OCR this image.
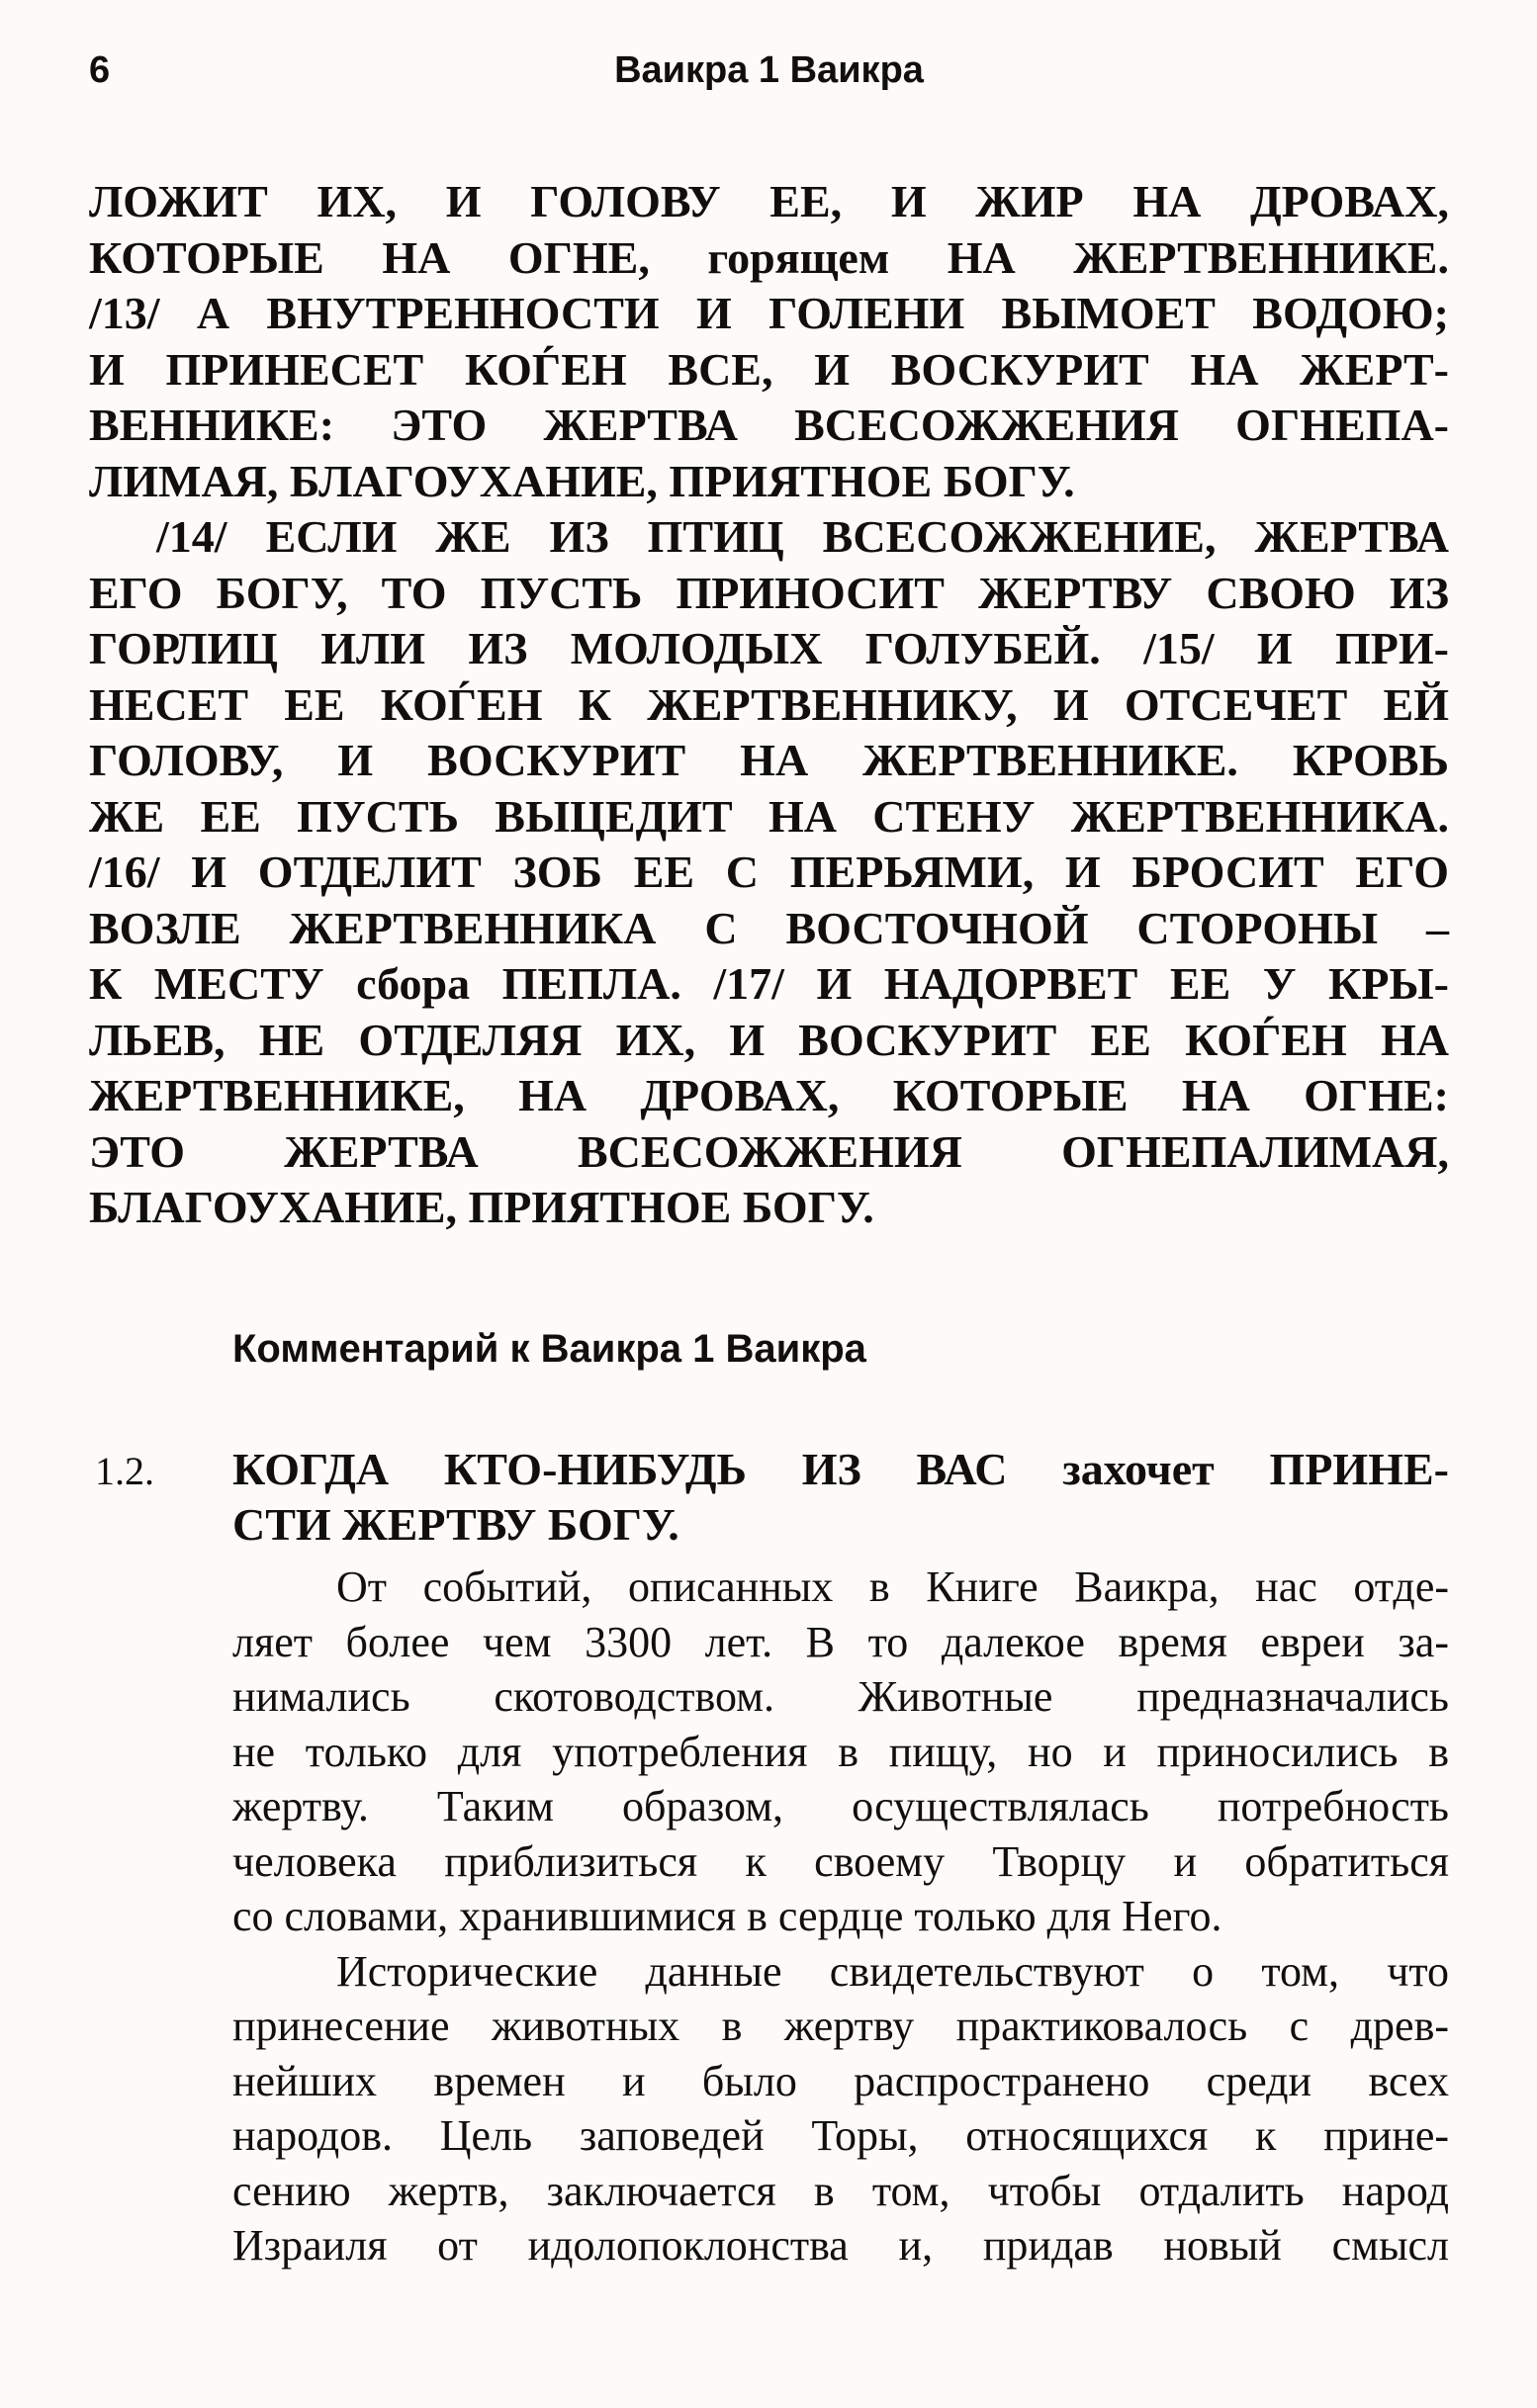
6	Ваикра 1 Ваикра
ЛОЖИТ ИХ, И ГОЛОВУ ЕЕ, И ЖИР НА ДРОВАХ,
КОТОРЫЕ НА ОГНЕ, горящем НА ЖЕРТВЕННИКЕ.
/13/ А ВНУТРЕННОСТИ И ГОЛЕНИ ВЫМОЕТ ВОДОЮ;
И ПРИНЕСЕТ КОЃЕН ВСЕ, И ВОСКУРИТ НА ЖЕРТ-
ВЕННИКЕ: ЭТО ЖЕРТВА ВСЕСОЖЖЕНИЯ ОГНЕПА-
ЛИМАЯ, БЛАГОУХАНИЕ, ПРИЯТНОЕ БОГУ.
/14/ ЕСЛИ ЖЕ ИЗ ПТИЦ ВСЕСОЖЖЕНИЕ, ЖЕРТВА
ЕГО БОГУ, ТО ПУСТЬ ПРИНОСИТ ЖЕРТВУ СВОЮ ИЗ
ГОРЛИЦ ИЛИ ИЗ МОЛОДЫХ ГОЛУБЕЙ. /15/ И ПРИ-
НЕСЕТ ЕЕ КОЃЕН К ЖЕРТВЕННИКУ, И ОТСЕЧЕТ ЕЙ
ГОЛОВУ, И ВОСКУРИТ НА ЖЕРТВЕННИКЕ. КРОВЬ
ЖЕ ЕЕ ПУСТЬ ВЫЦЕДИТ НА СТЕНУ ЖЕРТВЕННИКА.
/16/ И ОТДЕЛИТ ЗОБ ЕЕ С ПЕРЬЯМИ, И БРОСИТ ЕГО
ВОЗЛЕ ЖЕРТВЕННИКА С ВОСТОЧНОЙ СТОРОНЫ –
К МЕСТУ сбора ПЕПЛА. /17/ И НАДОРВЕТ ЕЕ У КРЫ-
ЛЬЕВ, НЕ ОТДЕЛЯЯ ИХ, И ВОСКУРИТ ЕЕ КОЃЕН НА
ЖЕРТВЕННИКЕ, НА ДРОВАХ, КОТОРЫЕ НА ОГНЕ:
ЭТО ЖЕРТВА ВСЕСОЖЖЕНИЯ ОГНЕПАЛИМАЯ,
БЛАГОУХАНИЕ, ПРИЯТНОЕ БОГУ.
Комментарий к Ваикра 1 Ваикра
1.2. КОГДА КТО-НИБУДЬ ИЗ ВАС захочет ПРИНЕ-
СТИ ЖЕРТВУ БОГУ.
От событий, описанных в Книге Ваикра, нас отде-
ляет более чем 3300 лет. В то далекое время евреи за-
нимались скотоводством. Животные предназначались
не только для употребления в пищу, но и приносились в
жертву. Таким образом, осуществлялась потребность
человека приблизиться к своему Творцу и обратиться
со словами, хранившимися в сердце только для Него.
Исторические данные свидетельствуют о том, что
принесение животных в жертву практиковалось с древ-
нейших времен и было распространено среди всех
народов. Цель заповедей Торы, относящихся к прине-
сению жертв, заключается в том, чтобы отдалить народ
Израиля от идолопоклонства и, придав новый смысл
